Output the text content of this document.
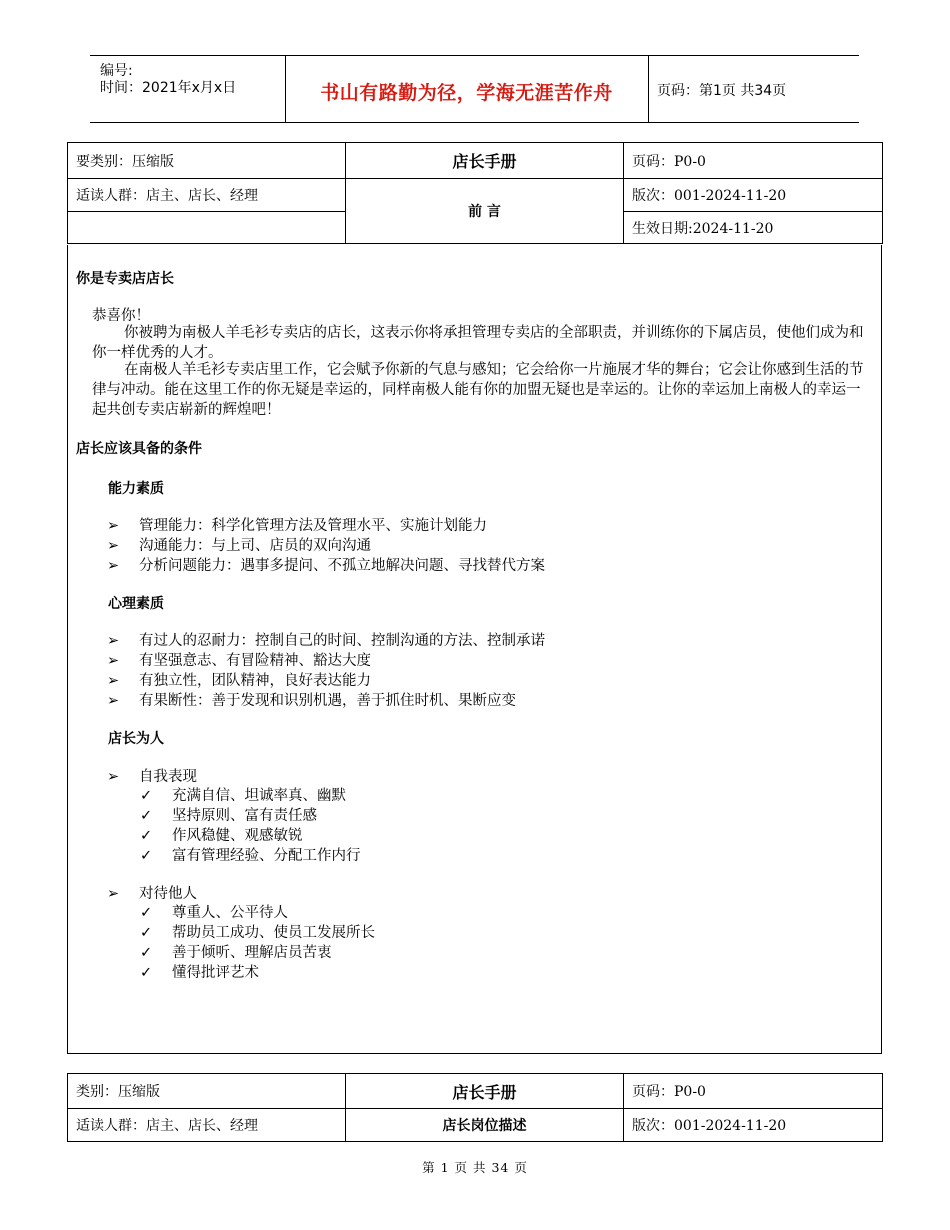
编号:
时间：2021年x月x日	书山有路勤为径，学海无涯苦作舟	页码：第1页 共34页
要类别：压缩版	店长手册	页码：P0-0
适读人群：店主、店长、经理	前 言	版次：001-2024-11-20
		生效日期:2024-11-20
你是专卖店店长
恭喜你！
你被聘为南极人羊毛衫专卖店的店长，这表示你将承担管理专卖店的全部职责，并训练你的下属店员，使他们成为和你一样优秀的人才。
在南极人羊毛衫专卖店里工作，它会赋予你新的气息与感知；它会给你一片施展才华的舞台；它会让你感到生活的节律与冲动。能在这里工作的你无疑是幸运的，同样南极人能有你的加盟无疑也是幸运的。让你的幸运加上南极人的幸运一起共创专卖店崭新的辉煌吧！
店长应该具备的条件
能力素质
➢ 管理能力：科学化管理方法及管理水平、实施计划能力
➢ 沟通能力：与上司、店员的双向沟通
➢ 分析问题能力：遇事多提问、不孤立地解决问题、寻找替代方案
心理素质
➢ 有过人的忍耐力：控制自己的时间、控制沟通的方法、控制承诺
➢ 有坚强意志、有冒险精神、豁达大度
➢ 有独立性，团队精神，良好表达能力
➢ 有果断性：善于发现和识别机遇，善于抓住时机、果断应变
店长为人
➢ 自我表现
✓ 充满自信、坦诚率真、幽默
✓ 坚持原则、富有责任感
✓ 作风稳健、观感敏锐
✓ 富有管理经验、分配工作内行
➢ 对待他人
✓ 尊重人、公平待人
✓ 帮助员工成功、使员工发展所长
✓ 善于倾听、理解店员苦衷
✓ 懂得批评艺术
类别：压缩版	店长手册	页码：P0-0
适读人群：店主、店长、经理	店长岗位描述	版次：001-2024-11-20
第 1 页 共 34 页
